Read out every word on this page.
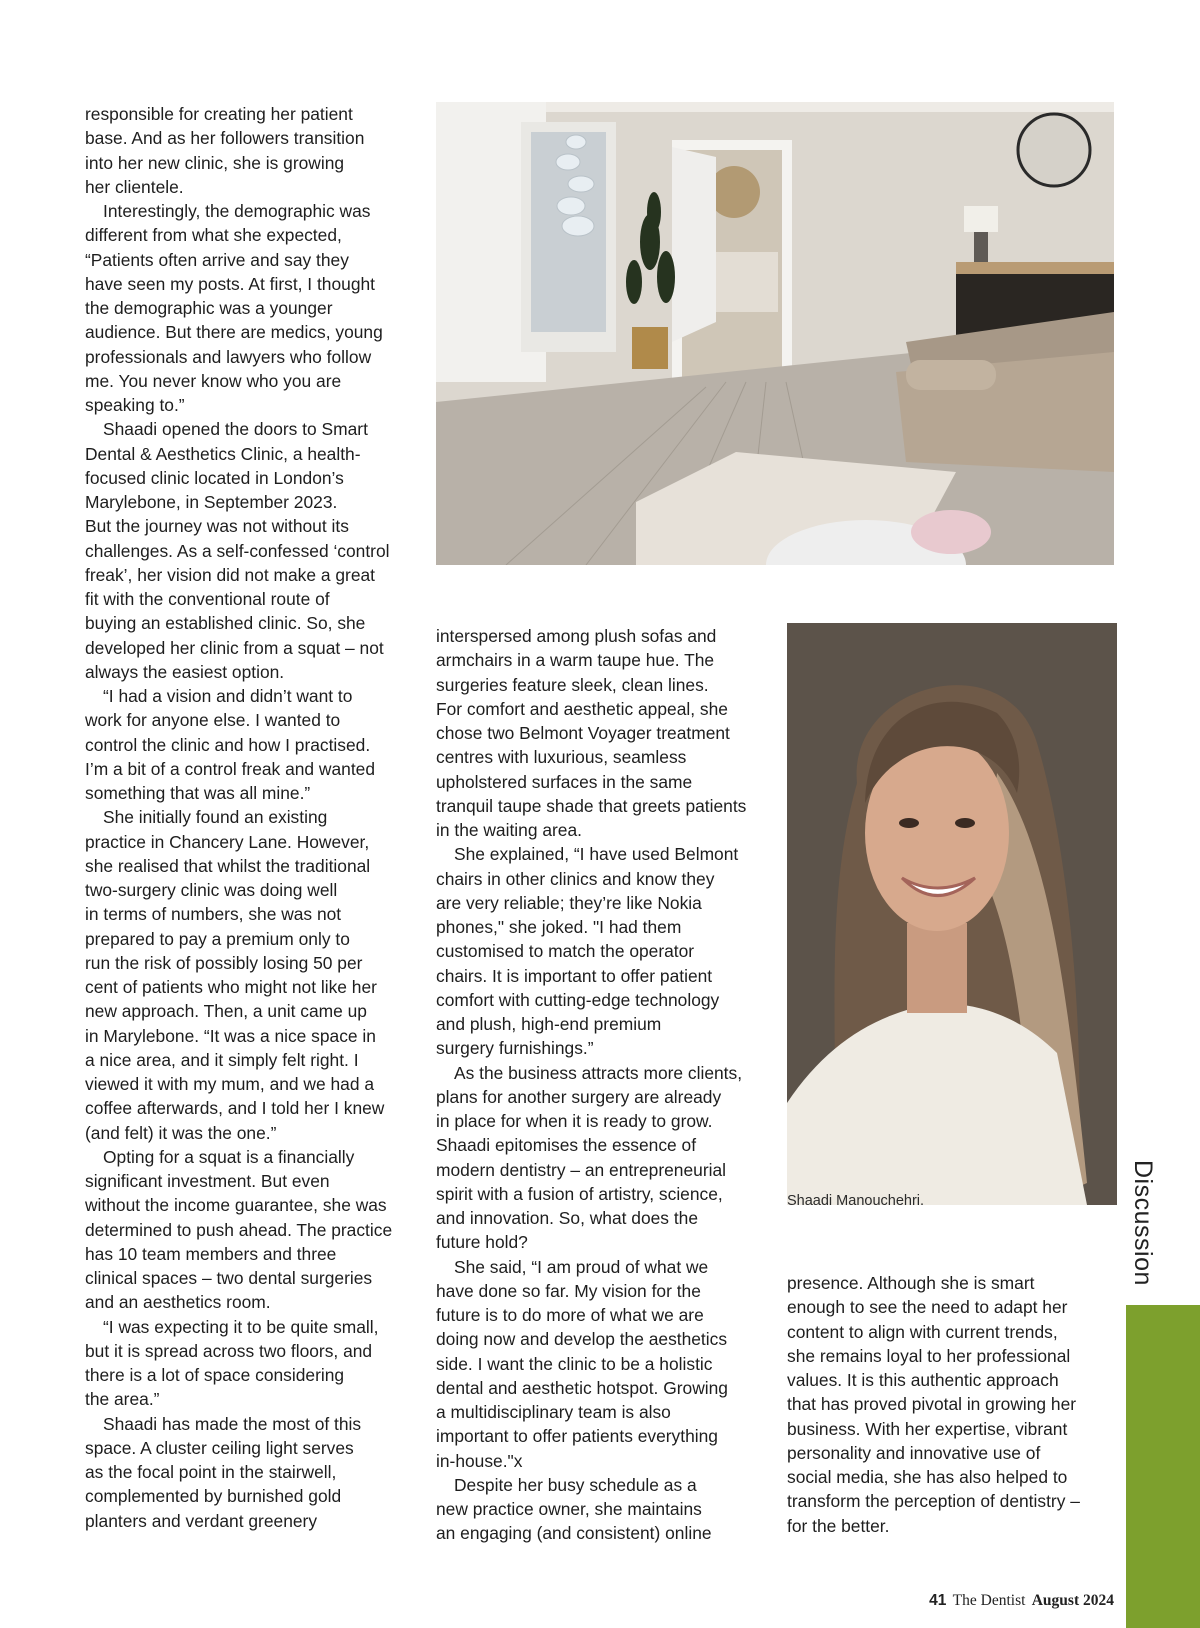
responsible for creating her patient
base. And as her followers transition
into her new clinic, she is growing
her clientele.

Interestingly, the demographic was
different from what she expected,
“Patients often arrive and say they
have seen my posts. At first, I thought
the demographic was a younger
audience. But there are medics, young
professionals and lawyers who follow
me. You never know who you are
speaking to.”

Shaadi opened the doors to Smart
Dental & Aesthetics Clinic, a health-
focused clinic located in London’s
Marylebone, in September 2023.
But the journey was not without its
challenges. As a self-confessed ‘control
freak’, her vision did not make a great
fit with the conventional route of
buying an established clinic. So, she
developed her clinic from a squat – not
always the easiest option.

“I had a vision and didn’t want to
work for anyone else. I wanted to
control the clinic and how I practised.
I’m a bit of a control freak and wanted
something that was all mine.”

She initially found an existing
practice in Chancery Lane. However,
she realised that whilst the traditional
two-surgery clinic was doing well
in terms of numbers, she was not
prepared to pay a premium only to
run the risk of possibly losing 50 per
cent of patients who might not like her
new approach. Then, a unit came up
in Marylebone. “It was a nice space in
a nice area, and it simply felt right. I
viewed it with my mum, and we had a
coffee afterwards, and I told her I knew
(and felt) it was the one.”

Opting for a squat is a financially
significant investment. But even
without the income guarantee, she was
determined to push ahead. The practice
has 10 team members and three
clinical spaces – two dental surgeries
and an aesthetics room.

“I was expecting it to be quite small,
but it is spread across two floors, and
there is a lot of space considering
the area.”

Shaadi has made the most of this
space. A cluster ceiling light serves
as the focal point in the stairwell,
complemented by burnished gold
planters and verdant greenery

interspersed among plush sofas and
armchairs in a warm taupe hue. The
surgeries feature sleek, clean lines.
For comfort and aesthetic appeal, she
chose two Belmont Voyager treatment
centres with luxurious, seamless
upholstered surfaces in the same
tranquil taupe shade that greets patients
in the waiting area.

She explained, “I have used Belmont
chairs in other clinics and know they
are very reliable; they’re like Nokia
phones," she joked. "I had them
customised to match the operator
chairs. It is important to offer patient
comfort with cutting-edge technology
and plush, high-end premium
surgery furnishings.”

As the business attracts more clients,
plans for another surgery are already
in place for when it is ready to grow.
Shaadi epitomises the essence of
modern dentistry – an entrepreneurial
spirit with a fusion of artistry, science,
and innovation. So, what does the
future hold?

She said, “I am proud of what we
have done so far. My vision for the
future is to do more of what we are
doing now and develop the aesthetics
side. I want the clinic to be a holistic
dental and aesthetic hotspot. Growing
a multidisciplinary team is also
important to offer patients everything
in-house."x

Despite her busy schedule as a
new practice owner, she maintains
an engaging (and consistent) online

Shaadi Manouchehri.

presence. Although she is smart
enough to see the need to adapt her
content to align with current trends,
she remains loyal to her professional
values. It is this authentic approach
that has proved pivotal in growing her
business. With her expertise, vibrant
personality and innovative use of
social media, she has also helped to
transform the perception of dentistry –
for the better.

Discussion
41 The Dentist August 2024
